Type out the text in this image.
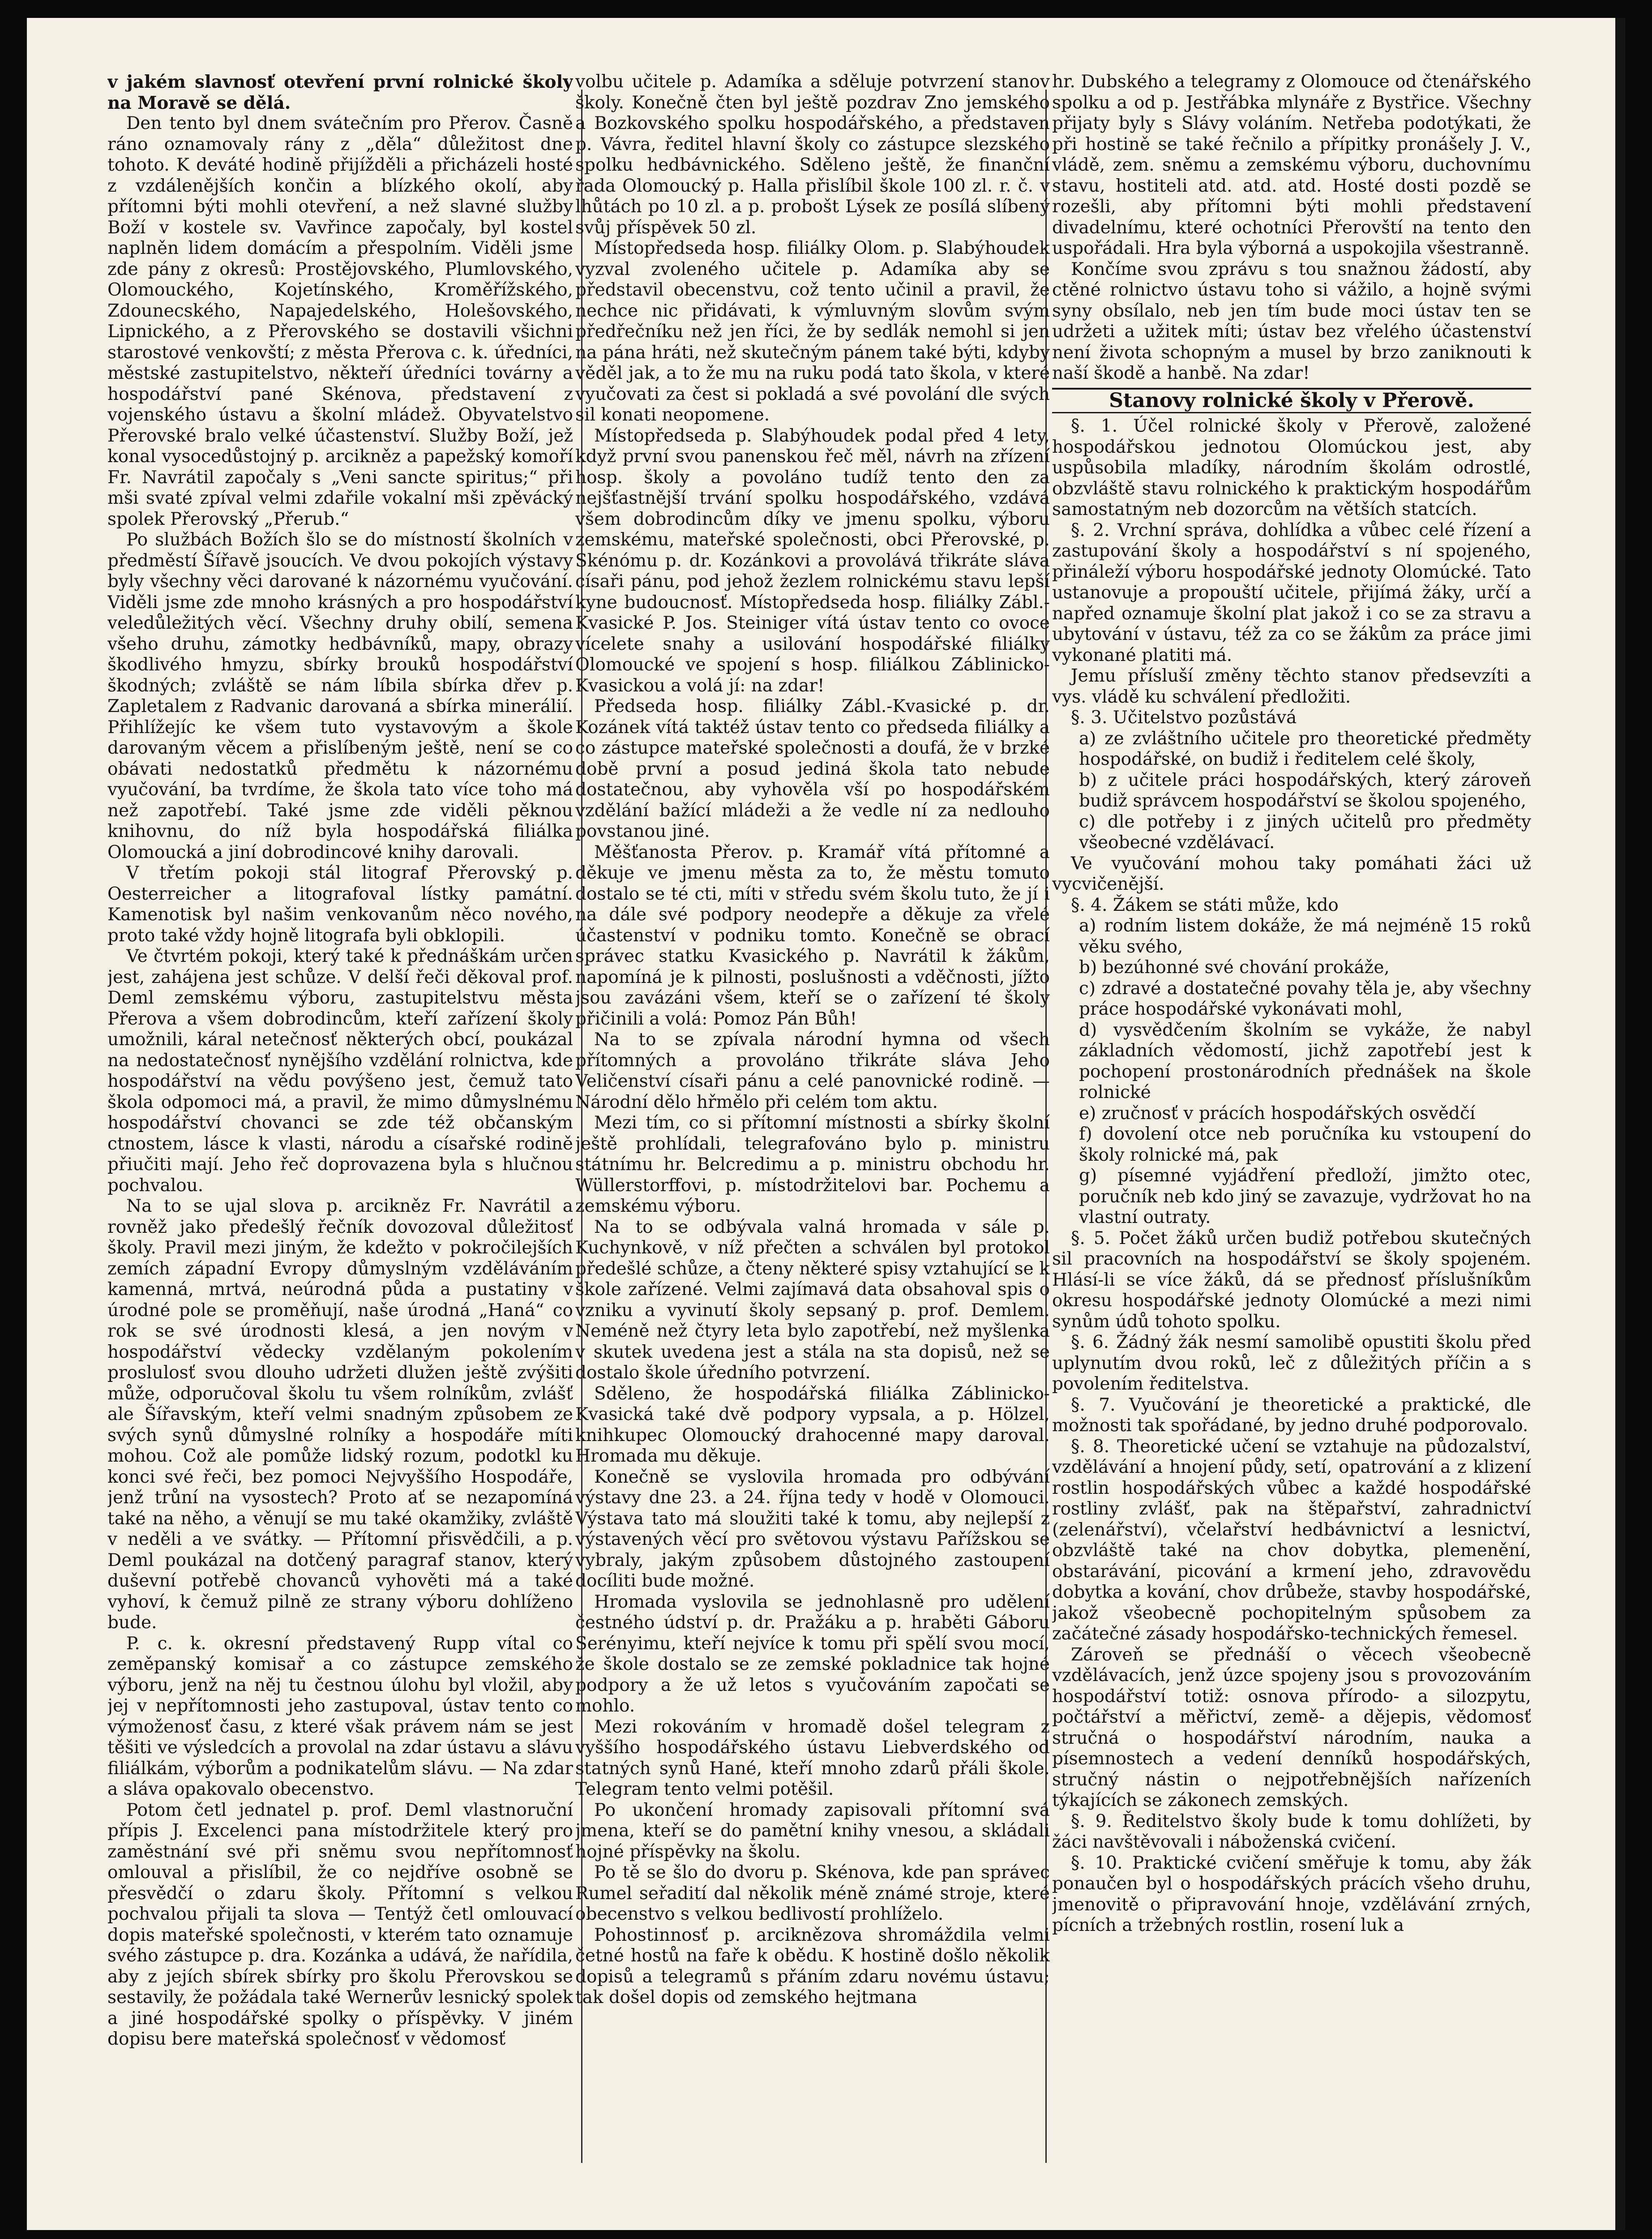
v jakém slavnosť otevření první rolnické školy na Moravě se dělá.

Den tento byl dnem svátečním pro Přerov. Časně ráno oznamovaly rány z „děla“ důležitost dne tohoto. K deváté hodině přijížděli a přicházeli hosté z vzdálenějších končin a blízkého okolí, aby přítomni býti mohli otevření, a než slavné služby Boží v kostele sv. Vavřince započaly, byl kostel naplněn lidem domácím a přespolním. Viděli jsme zde pány z okresů: Prostějovského, Plumlovského, Olomouckého, Kojetínského, Kroměřížského, Zdounecského, Napajedelského, Holešovského, Lipnického, a z Přerovského se dostavili všichni starostové venkovští; z města Přerova c. k. úředníci, městské zastupitelstvo, někteří úředníci továrny a hospodářství pané Skénova, představení z vojenského ústavu a školní mládež. Obyvatelstvo Přerovské bralo velké účastenství. Služby Boží, jež konal vysocedůstojný p. arcikněz a papežský komoří Fr. Navrátil započaly s „Veni sancte spiritus;“ při mši svaté zpíval velmi zdařile vokalní mši zpěvácký spolek Přerovský „Přerub.“

Po službách Božích šlo se do místností školních v předměstí Šířavě jsoucích. Ve dvou pokojích výstavy byly všechny věci darované k názornému vyučování. Viděli jsme zde mnoho krásných a pro hospodářství veledůležitých věcí. Všechny druhy obilí, semena všeho druhu, zámotky hedbávníků, mapy, obrazy škodlivého hmyzu, sbírky brouků hospodářství škodných; zvláště se nám líbila sbírka dřev p. Zapletalem z Radvanic darovaná a sbírka minerálií. Přihlížejíc ke všem tuto vystavovým a škole darovaným věcem a přislíbeným ještě, není se co obávati nedostatků předmětu k názornému vyučování, ba tvrdíme, že škola tato více toho má než zapotřebí. Také jsme zde viděli pěknou knihovnu, do níž byla hospodářská filiálka Olomoucká a jiní dobrodincové knihy darovali.

V třetím pokoji stál litograf Přerovský p. Oesterreicher a litografoval lístky památní. Kamenotisk byl našim venkovanům něco nového, proto také vždy hojně litografa byli obklopili.

Ve čtvrtém pokoji, který také k přednáškám určen jest, zahájena jest schůze. V delší řeči děkoval prof. Deml zemskému výboru, zastupitelstvu města Přerova a všem dobrodincům, kteří zařízení školy umožnili, káral netečnosť některých obcí, poukázal na nedostatečnosť nynějšího vzdělání rolnictva, kde hospodářství na vědu povýšeno jest, čemuž tato škola odpomoci má, a pravil, že mimo důmyslnému hospodářství chovanci se zde též občanským ctnostem, lásce k vlasti, národu a císařské rodině přiučiti mají. Jeho řeč doprovazena byla s hlučnou pochvalou.

Na to se ujal slova p. arcikněz Fr. Navrátil a rovněž jako předešlý řečník dovozoval důležitosť školy. Pravil mezi jiným, že kdežto v pokročilejších zemích západní Evropy důmyslným vzděláváním kamenná, mrtvá, neúrodná půda a pustatiny v úrodné pole se proměňují, naše úrodná „Haná“ co rok se své úrodnosti klesá, a jen novým v hospodářství vědecky vzdělaným pokolením proslulosť svou dlouho udržeti dlužen ještě zvýšiti může, odporučoval školu tu všem rolníkům, zvlášť ale Šířavským, kteří velmi snadným způsobem ze svých synů důmyslné rolníky a hospodáře míti mohou. Což ale pomůže lidský rozum, podotkl ku konci své řeči, bez pomoci Nejvyššího Hospodáře, jenž trůní na vysostech? Proto ať se nezapomíná také na něho, a věnují se mu také okamžiky, zvláště v neděli a ve svátky. — Přítomní přisvědčili, a p. Deml poukázal na dotčený paragraf stanov, který duševní potřebě chovanců vyhověti má a také vyhoví, k čemuž pilně ze strany výboru dohlíženo bude.

P. c. k. okresní představený Rupp vítal co zeměpanský komisař a co zástupce zemského výboru, jenž na něj tu čestnou úlohu byl vložil, aby jej v nepřítomnosti jeho zastupoval, ústav tento co výmoženosť času, z které však právem nám se jest těšiti ve výsledcích a provolal na zdar ústavu a slávu filiálkám, výborům a podnikatelům slávu. — Na zdar a sláva opakovalo obecenstvo.

Potom četl jednatel p. prof. Deml vlastnoruční přípis J. Excelenci pana místodržitele který pro zaměstnání své při sněmu svou nepřítomnosť omlouval a přislíbil, že co nejdříve osobně se přesvědčí o zdaru školy. Přítomní s velkou pochvalou přijali ta slova — Tentýž četl omlouvací dopis mateřské společnosti, v kterém tato oznamuje svého zástupce p. dra. Kozánka a udává, že nařídila, aby z jejích sbírek sbírky pro školu Přerovskou se sestavily, že požádala také Wernerův lesnický spolek a jiné hospodářské spolky o příspěvky. V jiném dopisu bere mateřská společnosť v vědomosť

volbu učitele p. Adamíka a sděluje potvrzení stanov školy. Konečně čten byl ještě pozdrav Zno jemského a Bozkovského spolku hospodářského, a představen p. Vávra, ředitel hlavní školy co zástupce slezského spolku hedbávnického. Sděleno ještě, že finanční řada Olomoucký p. Halla přislíbil škole 100 zl. r. č. v lhůtách po 10 zl. a p. probošt Lýsek ze posílá slíbený svůj příspěvek 50 zl.

Místopředseda hosp. filiálky Olom. p. Slabýhoudek vyzval zvoleného učitele p. Adamíka aby se představil obecenstvu, což tento učinil a pravil, že nechce nic přidávati, k výmluvným slovům svým předřečníku než jen říci, že by sedlák nemohl si jen na pána hráti, než skutečným pánem také býti, kdyby věděl jak, a to že mu na ruku podá tato škola, v které vyučovati za čest si pokladá a své povolání dle svých sil konati neopomene.

Místopředseda p. Slabýhoudek podal před 4 lety, když první svou panenskou řeč měl, návrh na zřízení hosp. školy a povoláno tudíž tento den za nejšťastnější trvání spolku hospodářského, vzdává všem dobrodincům díky ve jmenu spolku, výboru zemskému, mateřské společnosti, obci Přerovské, p. Skénómu p. dr. Kozánkovi a provolává třikráte sláva císaři pánu, pod jehož žezlem rolnickému stavu lepší kyne budoucnosť. Místopředseda hosp. filiálky Zábl.-Kvasické P. Jos. Steiniger vítá ústav tento co ovoce vícelete snahy a usilování hospodářské filiálky Olomoucké ve spojení s hosp. filiálkou Záblinicko-Kvasickou a volá jí: na zdar!

Předseda hosp. filiálky Zábl.-Kvasické p. dr. Kozánek vítá taktéž ústav tento co předseda filiálky a co zástupce mateřské společnosti a doufá, že v brzké době první a posud jediná škola tato nebude dostatečnou, aby vyhověla vší po hospodářském vzdělání bažící mládeži a že vedle ní za nedlouho povstanou jiné.

Měšťanosta Přerov. p. Kramář vítá přítomné a děkuje ve jmenu města za to, že městu tomuto dostalo se té cti, míti v středu svém školu tuto, že jí i na dále své podpory neodepře a děkuje za vřelé účastenství v podniku tomto. Konečně se obrací správec statku Kvasického p. Navrátil k žákům, napomíná je k pilnosti, poslušnosti a vděčnosti, jížto jsou zavázáni všem, kteří se o zařízení té školy přičinili a volá: Pomoz Pán Bůh!

Na to se zpívala národní hymna od všech přítomných a provoláno třikráte sláva Jeho Veličenství císaři pánu a celé panovnické rodině. — Národní dělo hřmělo při celém tom aktu.

Mezi tím, co si přítomní místnosti a sbírky školní ještě prohlídali, telegrafováno bylo p. ministru státnímu hr. Belcredimu a p. ministru obchodu hr. Wüllerstorffovi, p. místodržitelovi bar. Pochemu a zemskému výboru.

Na to se odbývala valná hromada v sále p. Kuchynkově, v níž přečten a schválen byl protokol předešlé schůze, a čteny některé spisy vztahující se k škole zařízené. Velmi zajímavá data obsahoval spis o vzniku a vyvinutí školy sepsaný p. prof. Demlem. Neméně než čtyry leta bylo zapotřebí, než myšlenka v skutek uvedena jest a stála na sta dopisů, než se dostalo škole úředního potvrzení.

Sděleno, že hospodářská filiálka Záblinicko-Kvasická také dvě podpory vypsala, a p. Hölzel, knihkupec Olomoucký drahocenné mapy daroval. Hromada mu děkuje.

Konečně se vyslovila hromada pro odbývání výstavy dne 23. a 24. října tedy v hodě v Olomouci. Výstava tato má sloužiti také k tomu, aby nejlepší z výstavených věcí pro světovou výstavu Pařížskou se vybraly, jakým způsobem důstojného zastoupení docíliti bude možné.

Hromada vyslovila se jednohlasně pro udělení čestného údství p. dr. Pražáku a p. hraběti Gáboru Serényimu, kteří nejvíce k tomu při spělí svou mocí, že škole dostalo se ze zemské pokladnice tak hojné podpory a že už letos s vyučováním započati se mohlo.

Mezi rokováním v hromadě došel telegram z vyššího hospodářského ústavu Liebverdského od statných synů Hané, kteří mnoho zdarů přáli škole. Telegram tento velmi potěšil.

Po ukončení hromady zapisovali přítomní svá jmena, kteří se do pamětní knihy vnesou, a skládali hojné příspěvky na školu.

Po tě se šlo do dvoru p. Skénova, kde pan správec Rumel seřadití dal několik méně známé stroje, které obecenstvo s velkou bedlivostí prohlíželo.

Pohostinnosť p. arciknězova shromáždila velmi četné hostů na faře k obědu. K hostině došlo několik dopisů a telegramů s přáním zdaru novému ústavu; tak došel dopis od zemského hejtmana

hr. Dubského a telegramy z Olomouce od čtenářského spolku a od p. Jestřábka mlynáře z Bystřice. Všechny přijaty byly s Slávy voláním. Netřeba podotýkati, že při hostině se také řečnilo a přípitky pronášely J. V., vládě, zem. sněmu a zemskému výboru, duchovnímu stavu, hostiteli atd. atd. atd. Hosté dosti pozdě se rozešli, aby přítomni býti mohli představení divadelnímu, které ochotníci Přerovští na tento den uspořádali. Hra byla výborná a uspokojila všestranně.

Končíme svou zprávu s tou snažnou žádostí, aby ctěné rolnictvo ústavu toho si vážilo, a hojně svými syny obsílalo, neb jen tím bude moci ústav ten se udržeti a užitek míti; ústav bez vřelého účastenství není života schopným a musel by brzo zaniknouti k naší škodě a hanbě. Na zdar!

Stanovy rolnické školy v Přerově.

§. 1. Účel rolnické školy v Přerově, založené hospodářskou jednotou Olomúckou jest, aby uspůsobila mladíky, národním školám odrostlé, obzvláště stavu rolnického k praktickým hospodářům samostatným neb dozorcům na větších statcích.

§. 2. Vrchní správa, dohlídka a vůbec celé řízení a zastupování školy a hospodářství s ní spojeného, přináleží výboru hospodářské jednoty Olomúcké. Tato ustanovuje a propouští učitele, přijímá žáky, určí a napřed oznamuje školní plat jakož i co se za stravu a ubytování v ústavu, též za co se žákům za práce jimi vykonané platiti má.

Jemu přísluší změny těchto stanov předsevzíti a vys. vládě ku schválení předložiti.

§. 3. Učitelstvo pozůstává

a) ze zvláštního učitele pro theoretické předměty hospodářské, on budiž i ředitelem celé školy,

b) z učitele práci hospodářských, který zároveň budiž správcem hospodářství se školou spojeného,

c) dle potřeby i z jiných učitelů pro předměty všeobecné vzdělávací.

Ve vyučování mohou taky pomáhati žáci už vycvičenější.

§. 4. Žákem se státi může, kdo

a) rodním listem dokáže, že má nejméně 15 roků věku svého,

b) bezúhonné své chování prokáže,

c) zdravé a dostatečné povahy těla je, aby všechny práce hospodářské vykonávati mohl,

d) vysvědčením školním se vykáže, že nabyl základních vědomostí, jichž zapotřebí jest k pochopení prostonárodních přednášek na škole rolnické

e) zručnosť v prácích hospodářských osvědčí

f) dovolení otce neb poručníka ku vstoupení do školy rolnické má, pak

g) písemné vyjádření předloží, jimžto otec, poručník neb kdo jiný se zavazuje, vydržovat ho na vlastní outraty.

§. 5. Počet žáků určen budiž potřebou skutečných sil pracovních na hospodářství se školy spojeném. Hlásí-li se více žáků, dá se přednosť příslušníkům okresu hospodářské jednoty Olomúcké a mezi nimi synům údů tohoto spolku.

§. 6. Žádný žák nesmí samolibě opustiti školu před uplynutím dvou roků, leč z důležitých příčin a s povolením ředitelstva.

§. 7. Vyučování je theoretické a praktické, dle možnosti tak spořádané, by jedno druhé podporovalo.

§. 8. Theoretické učení se vztahuje na půdozalství, vzdělávání a hnojení půdy, setí, opatrování a z klizení rostlin hospodářských vůbec a každé hospodářské rostliny zvlášť, pak na štěpařství, zahradnictví (zelenářství), včelařství hedbávnictví a lesnictví, obzvláště také na chov dobytka, plemenění, obstarávání, picování a krmení jeho, zdravovědu dobytka a kování, chov drůbeže, stavby hospodářské, jakož všeobecně pochopitelným spůsobem za začátečné zásady hospodářsko-technických řemesel.

Zároveň se přednáší o věcech všeobecně vzdělávacích, jenž úzce spojeny jsou s provozováním hospodářství totiž: osnova přírodo- a silozpytu, počtářství a měřictví, země- a dějepis, vědomosť stručná o hospodářství národním, nauka a písemnostech a vedení denníků hospodářských, stručný nástin o nejpotřebnějších nařízeních týkajících se zákonech zemských.

§. 9. Ředitelstvo školy bude k tomu dohlížeti, by žáci navštěvovali i náboženská cvičení.

§. 10. Praktické cvičení směřuje k tomu, aby žák ponaučen byl o hospodářských prácích všeho druhu, jmenovitě o připravování hnoje, vzdělávání zrných, pícních a tržebných rostlin, rosení luk a
